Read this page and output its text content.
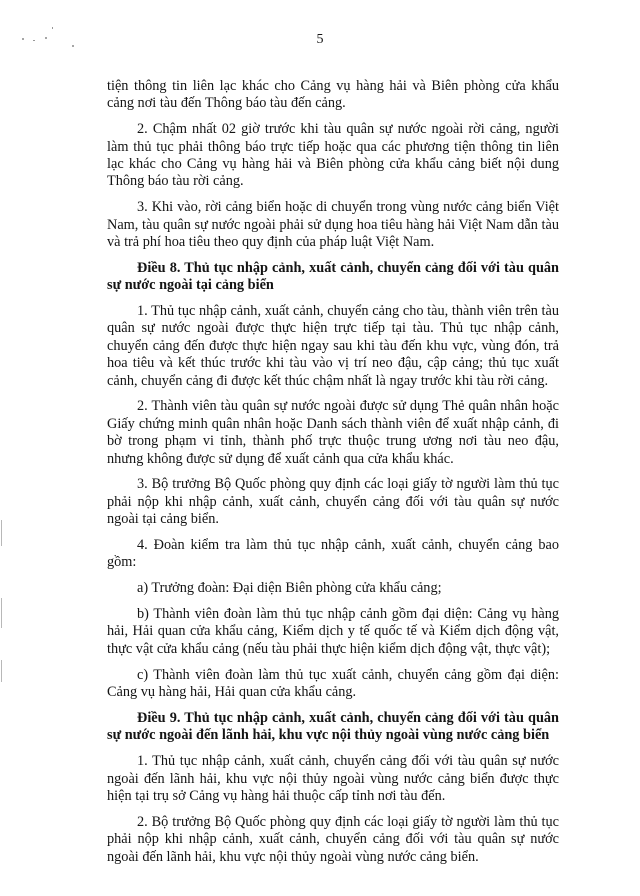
5

tiện thông tin liên lạc khác cho Cảng vụ hàng hải và Biên phòng cửa khẩu cảng nơi tàu đến Thông báo tàu đến cảng.

2. Chậm nhất 02 giờ trước khi tàu quân sự nước ngoài rời cảng, người làm thủ tục phải thông báo trực tiếp hoặc qua các phương tiện thông tin liên lạc khác cho Cảng vụ hàng hải và Biên phòng cửa khẩu cảng biết nội dung Thông báo tàu rời cảng.

3. Khi vào, rời cảng biển hoặc di chuyển trong vùng nước cảng biển Việt Nam, tàu quân sự nước ngoài phải sử dụng hoa tiêu hàng hải Việt Nam dẫn tàu và trả phí hoa tiêu theo quy định của pháp luật Việt Nam.

Điều 8. Thủ tục nhập cảnh, xuất cảnh, chuyển cảng đối với tàu quân sự nước ngoài tại cảng biển

1. Thủ tục nhập cảnh, xuất cảnh, chuyển cảng cho tàu, thành viên trên tàu quân sự nước ngoài được thực hiện trực tiếp tại tàu. Thủ tục nhập cảnh, chuyển cảng đến được thực hiện ngay sau khi tàu đến khu vực, vùng đón, trả hoa tiêu và kết thúc trước khi tàu vào vị trí neo đậu, cập cảng; thủ tục xuất cảnh, chuyển cảng đi được kết thúc chậm nhất là ngay trước khi tàu rời cảng.

2. Thành viên tàu quân sự nước ngoài được sử dụng Thẻ quân nhân hoặc Giấy chứng minh quân nhân hoặc Danh sách thành viên để xuất nhập cảnh, đi bờ trong phạm vi tỉnh, thành phố trực thuộc trung ương nơi tàu neo đậu, nhưng không được sử dụng để xuất cảnh qua cửa khẩu khác.

3. Bộ trưởng Bộ Quốc phòng quy định các loại giấy tờ người làm thủ tục phải nộp khi nhập cảnh, xuất cảnh, chuyển cảng đối với tàu quân sự nước ngoài tại cảng biển.

4. Đoàn kiểm tra làm thủ tục nhập cảnh, xuất cảnh, chuyển cảng bao gồm:

a) Trưởng đoàn: Đại diện Biên phòng cửa khẩu cảng;

b) Thành viên đoàn làm thủ tục nhập cảnh gồm đại diện: Cảng vụ hàng hải, Hải quan cửa khẩu cảng, Kiểm dịch y tế quốc tế và Kiểm dịch động vật, thực vật cửa khẩu cảng (nếu tàu phải thực hiện kiểm dịch động vật, thực vật);

c) Thành viên đoàn làm thủ tục xuất cảnh, chuyển cảng gồm đại diện: Cảng vụ hàng hải, Hải quan cửa khẩu cảng.

Điều 9. Thủ tục nhập cảnh, xuất cảnh, chuyển cảng đối với tàu quân sự nước ngoài đến lãnh hải, khu vực nội thủy ngoài vùng nước cảng biển

1. Thủ tục nhập cảnh, xuất cảnh, chuyển cảng đối với tàu quân sự nước ngoài đến lãnh hải, khu vực nội thủy ngoài vùng nước cảng biển được thực hiện tại trụ sở Cảng vụ hàng hải thuộc cấp tỉnh nơi tàu đến.

2. Bộ trưởng Bộ Quốc phòng quy định các loại giấy tờ người làm thủ tục phải nộp khi nhập cảnh, xuất cảnh, chuyển cảng đối với tàu quân sự nước ngoài đến lãnh hải, khu vực nội thủy ngoài vùng nước cảng biển.
